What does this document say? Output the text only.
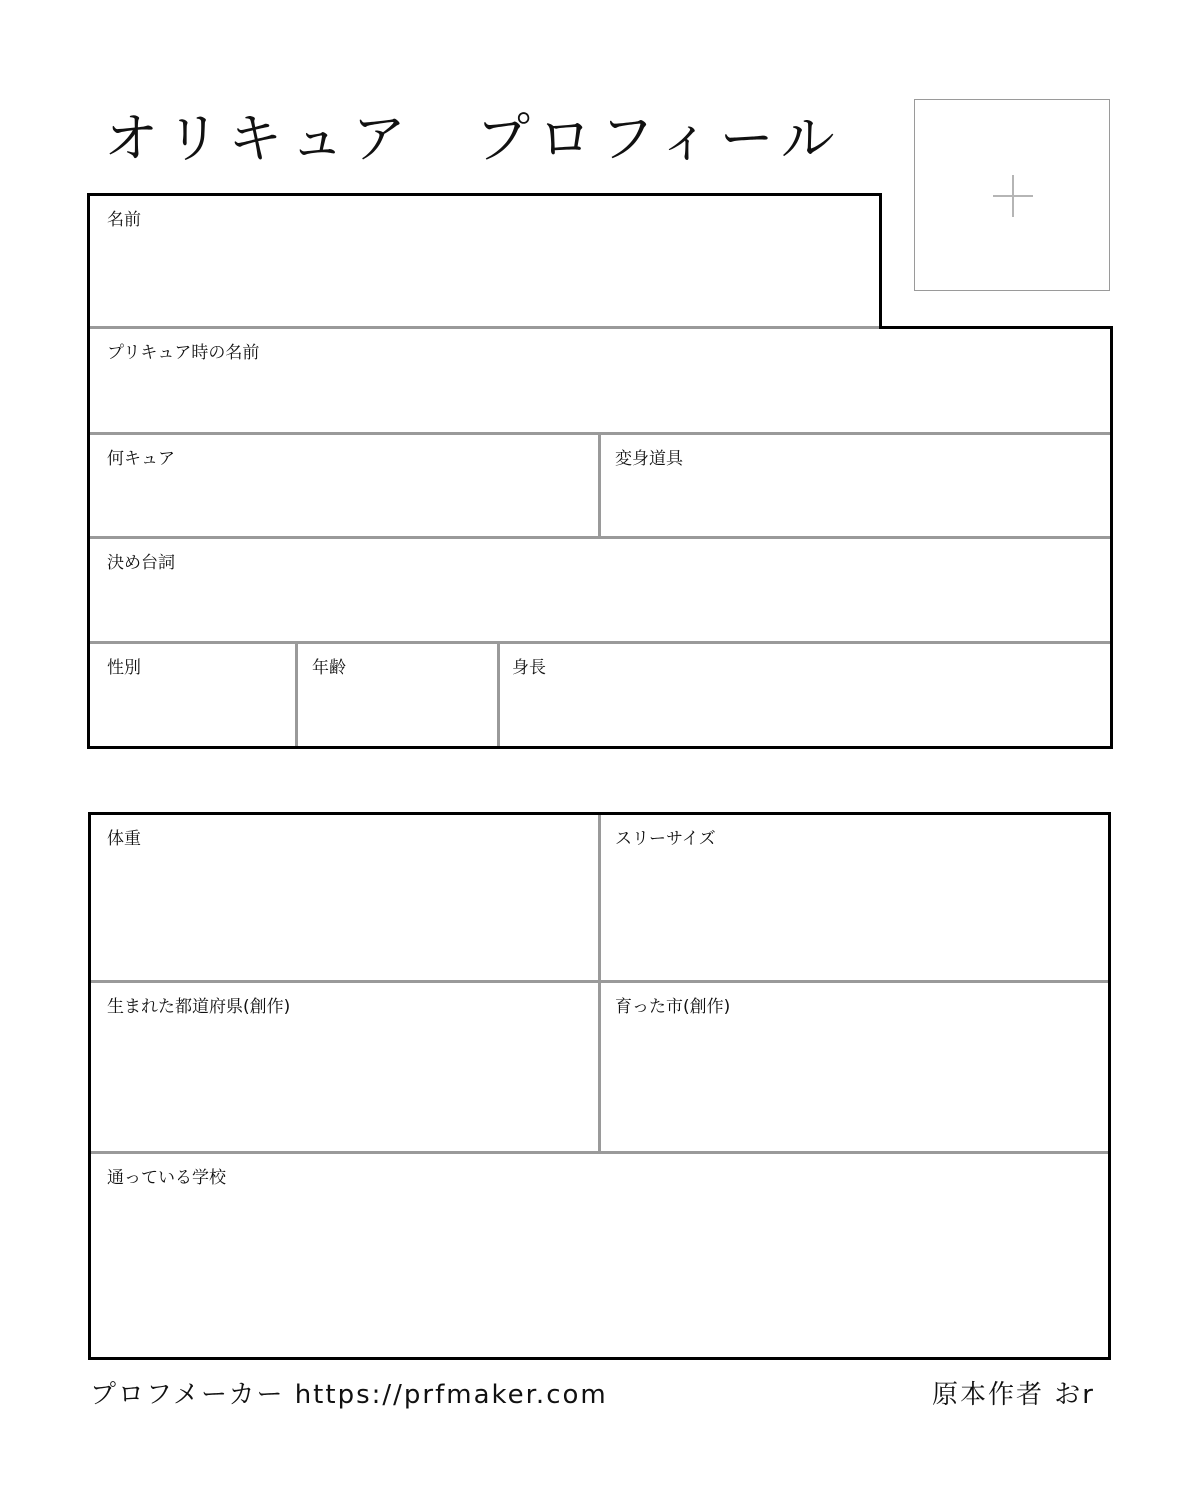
オリキュア　プロフィール
名前
プリキュア時の名前
何キュア	変身道具
決め台詞
性別	年齢	身長
体重	スリーサイズ
生まれた都道府県(創作)	育った市(創作)
通っている学校
プロフメーカー https://prfmaker.com	原本作者 おr
